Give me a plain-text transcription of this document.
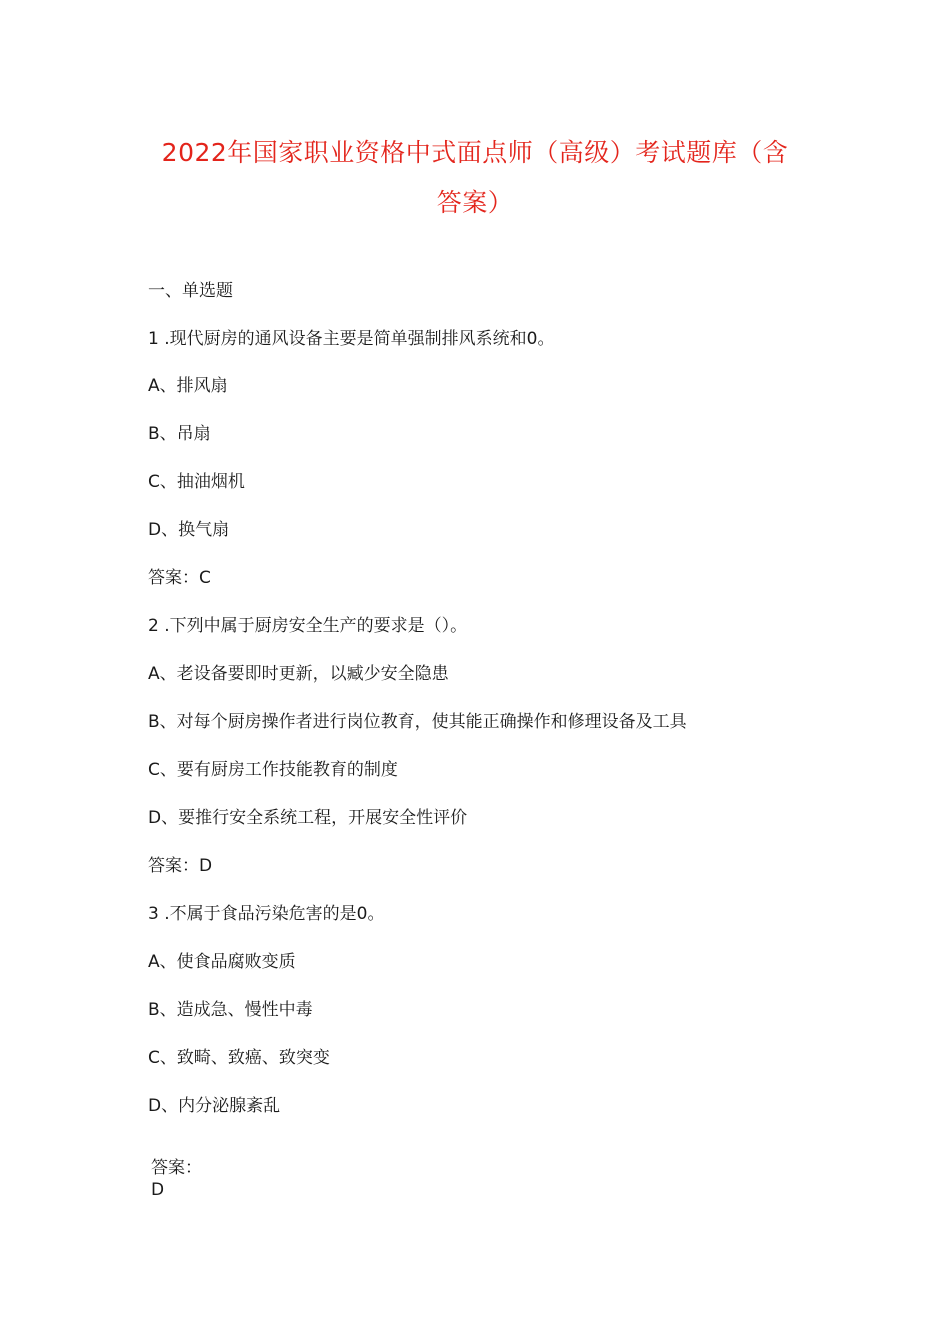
2022年国家职业资格中式面点师（高级）考试题库（含
答案）
一、单选题
1 .现代厨房的通风设备主要是简单强制排风系统和0。
A、排风扇
B、吊扇
C、抽油烟机
D、换气扇
答案：C
2 .下列中属于厨房安全生产的要求是（）。
A、老设备要即时更新，以臧少安全隐患
B、对每个厨房操作者进行岗位教育，使其能正确操作和修理设备及工具
C、要有厨房工作技能教育的制度
D、要推行安全系统工程，开展安全性评价
答案：D
3 .不属于食品污染危害的是0。
A、使食品腐败变质
B、造成急、慢性中毒
C、致畸、致癌、致突变
D、内分泌腺紊乱
答案：
D
